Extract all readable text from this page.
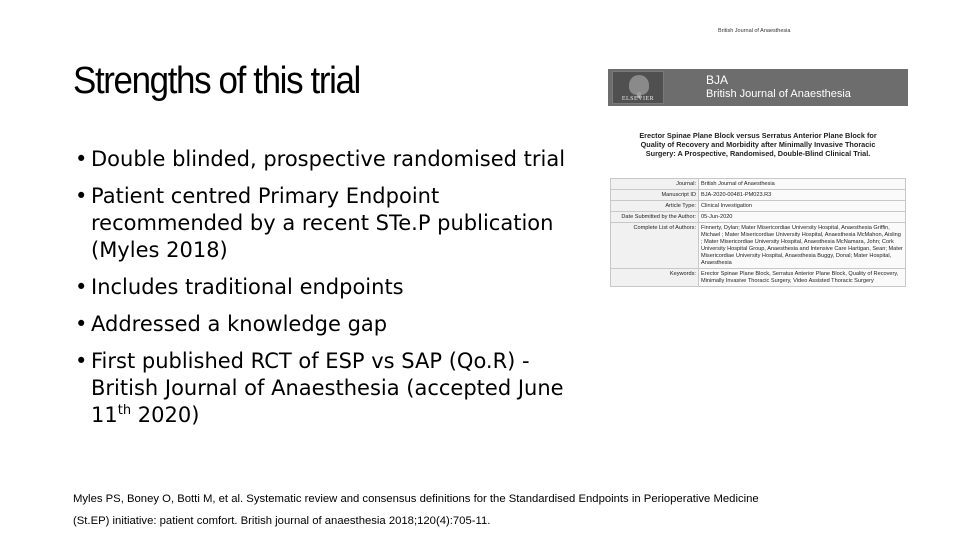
Strengths of this trial
• Double blinded, prospective randomised trial
• Patient centred Primary Endpoint recommended by a recent STe.P publication (Myles 2018)
• Includes traditional endpoints
• Addressed a knowledge gap
• First published RCT of ESP vs SAP (Qo.R) - British Journal of Anaesthesia (accepted June 11th 2020)
Myles PS, Boney O, Botti M, et al. Systematic review and consensus definitions for the Standardised Endpoints in Perioperative Medicine
(St.EP) initiative: patient comfort. British journal of anaesthesia 2018;120(4):705-11.
British Journal of Anaesthesia
ELSEVIER
BJA
British Journal of Anaesthesia
Erector Spinae Plane Block versus Serratus Anterior Plane Block for Quality of Recovery and Morbidity after Minimally Invasive Thoracic Surgery: A Prospective, Randomised, Double-Blind Clinical Trial.
Journal:	British Journal of Anaesthesia
Manuscript ID	BJA-2020-00481-PM023.R3
Article Type:	Clinical Investigation
Date Submitted by the Author:	05-Jun-2020
Complete List of Authors:	Finnerty, Dylan; Mater Misericordiae University Hospital, Anaesthesia Griffin, Michael ; Mater Misericordiae University Hospital, Anaesthesia McMahon, Aisling ; Mater Misericordiae University Hospital, Anaesthesia McNamara, John; Cork University Hospital Group, Anaesthesia and Intensive Care Hartigan, Sean; Mater Misericordiae University Hospital, Anaesthesia Buggy, Donal; Mater Hospital, Anaesthesia
Keywords:	Erector Spinae Plane Block, Serratus Anterior Plane Block, Quality of Recovery, Minimally Invasive Thoracic Surgery, Video Assisted Thoracic Surgery
